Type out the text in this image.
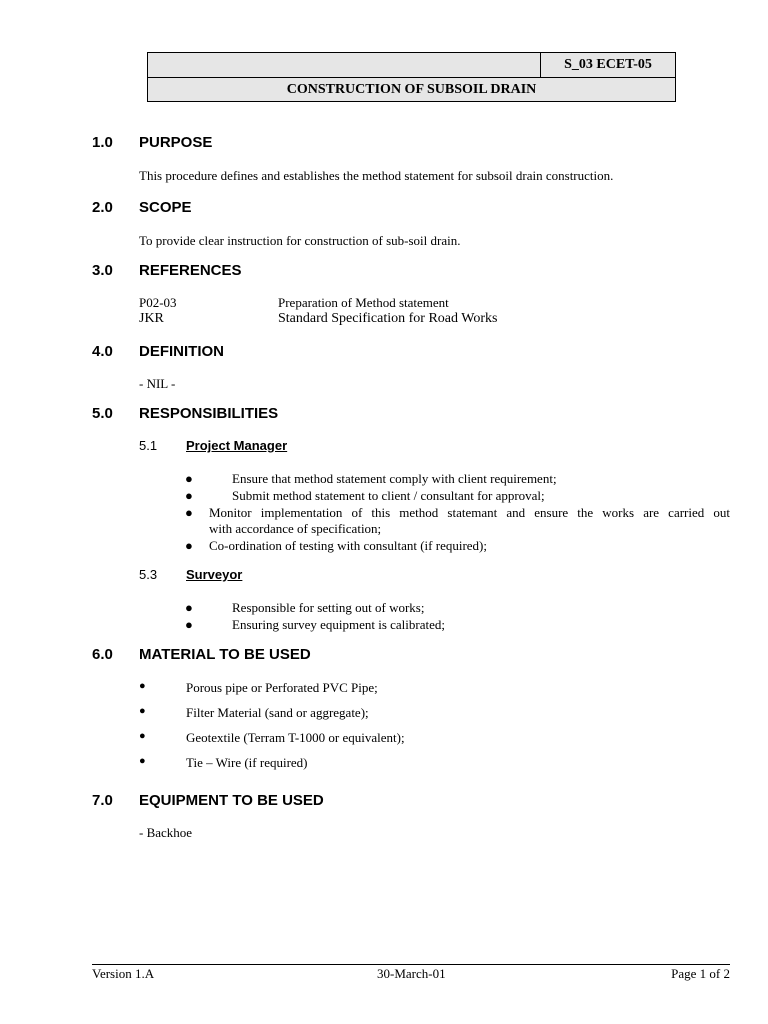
S_03 ECET-05
CONSTRUCTION OF SUBSOIL DRAIN
1.0 PURPOSE
This procedure defines and establishes the method statement for subsoil drain construction.
2.0 SCOPE
To provide clear instruction for construction of sub-soil drain.
3.0 REFERENCES
P02-03	Preparation of Method statement
JKR	Standard Specification for Road Works
4.0 DEFINITION
- NIL -
5.0 RESPONSIBILITIES
5.1 Project Manager
●	Ensure that method statement comply with client requirement;
●	Submit method statement to client / consultant for approval;
● Monitor implementation of this method statemant and ensure the works are carried out
with accordance of specification;
● Co-ordination of testing with consultant (if required);
5.3 Surveyor
●	Responsible for setting out of works;
●	Ensuring survey equipment is calibrated;
6.0 MATERIAL TO BE USED
●	Porous pipe or Perforated PVC Pipe;
●	Filter Material (sand or aggregate);
●	Geotextile (Terram T-1000 or equivalent);
●	Tie – Wire (if required)
7.0 EQUIPMENT TO BE USED
- Backhoe
Version 1.A	30-March-01	Page 1 of 2
